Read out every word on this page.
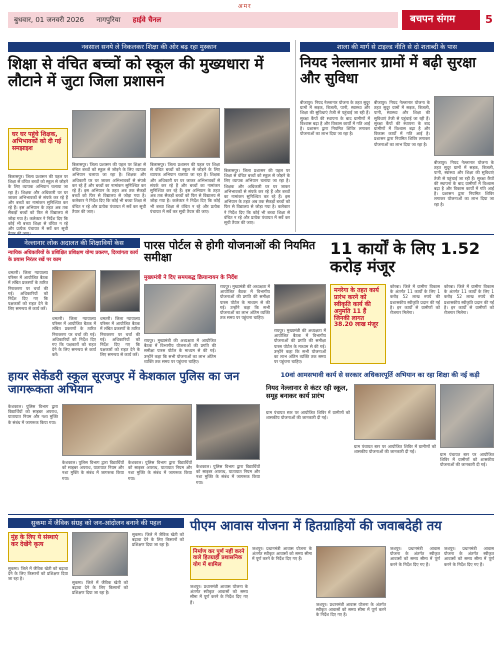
अमर
बुधवार, 01 जनवरी 2026 नागपुरिया हाईवे चैनल	बचपन संगम	5
नवसाल सनये ले निकलकर शिक्षा की ओर बढ़ रहा मुस्कान
शिक्षा से वंचित बच्चों को स्कूल की मुख्यधारा में लौटाने में जुटा जिला प्रशासन
घर घर पहुंचे शिक्षक, अभिभावकों को दी गई समझाइश
बिलासपुर। जिला प्रशासन की पहल पर शिक्षा से वंचित बच्चों को स्कूल से जोड़ने के लिए व्यापक अभियान चलाया जा रहा है। शिक्षक और अधिकारी घर घर जाकर अभिभावकों से संपर्क कर रहे हैं और बच्चों का नामांकन सुनिश्चित कर रहे हैं। इस अभियान के तहत अब तक सैकड़ों बच्चों को फिर से विद्यालय से जोड़ा गया है। कलेक्टर ने निर्देश दिए कि कोई भी बच्चा शिक्षा से वंचित न रहे और प्रत्येक पंचायत में सर्वे कर सूची
बिलासपुर। जिला प्रशासन की पहल पर शिक्षा से वंचित बच्चों को स्कूल से जोड़ने के लिए व्यापक अभियान चलाया जा रहा है। शिक्षक और अधिकारी घर घर जाकर अभिभावकों से संपर्क कर रहे हैं और बच्चों का नामांकन सुनिश्चित कर रहे हैं। इस अभियान के तहत अब तक सैकड़ों बच्चों को फिर से विद्यालय से जोड़ा गया है। कलेक्टर ने निर्देश दिए कि कोई भी बच्चा शिक्षा से वंचित न रहे और प्रत्येक पंचायत में सर्वे कर सूची तैयार की जाए।
बिलासपुर। जिला प्रशासन की पहल पर शिक्षा से वंचित बच्चों को स्कूल से जोड़ने के लिए व्यापक अभियान चलाया जा रहा है। शिक्षक और अधिकारी घर घर जाकर अभिभावकों से संपर्क कर रहे हैं और बच्चों का नामांकन सुनिश्चित कर रहे हैं। इस अभियान के तहत अब तक सैकड़ों बच्चों को फिर से विद्यालय से जोड़ा गया है। कलेक्टर ने निर्देश दिए कि कोई भी बच्चा शिक्षा से वंचित न रहे और प्रत्येक पंचायत में सर्वे कर सूची तैयार की जाए।
बिलासपुर। जिला प्रशासन की पहल पर शिक्षा से वंचित बच्चों को स्कूल से जोड़ने के लिए व्यापक अभियान चलाया जा रहा है। शिक्षक और अधिकारी घर घर जाकर अभिभावकों से संपर्क कर रहे हैं और बच्चों का नामांकन सुनिश्चित कर रहे हैं। इस अभियान के तहत अब तक सैकड़ों बच्चों को फिर से विद्यालय से जोड़ा गया है। कलेक्टर ने निर्देश दिए कि कोई भी बच्चा शिक्षा से वंचित न रहे और प्रत्येक पंचायत में सर्वे कर सूची तैयार की जाए।
शाला की मार्ग से टाइल्ड नीति से दो शताब्दी के पास
नियद नेल्लानार ग्रामों में बढ़ी सुरक्षा और सुविधा
बीजापुर। नियद नेल्लानार योजना के तहत सुदूर ग्रामों में सड़क, बिजली, पानी, स्वास्थ्य और शिक्षा की सुविधाएं तेजी से पहुंचाई जा रही हैं। सुरक्षा कैंपों की स्थापना के बाद ग्रामीणों में विश्वास बढ़ा है और विकास कार्यों में गति आई है। प्रशासन द्वारा नियमित शिविर लगाकर योजनाओं का लाभ दिया जा रहा है।
बीजापुर। नियद नेल्लानार योजना के तहत सुदूर ग्रामों में सड़क, बिजली, पानी, स्वास्थ्य और शिक्षा की सुविधाएं तेजी से पहुंचाई जा रही हैं। सुरक्षा कैंपों की स्थापना के बाद ग्रामीणों में विश्वास बढ़ा है और विकास कार्यों में गति आई है। प्रशासन द्वारा नियमित शिविर लगाकर योजनाओं का लाभ दिया जा रहा है।
बीजापुर। नियद नेल्लानार योजना के तहत सुदूर ग्रामों में सड़क, बिजली, पानी, स्वास्थ्य और शिक्षा की सुविधाएं तेजी से पहुंचाई जा रही हैं। सुरक्षा कैंपों की स्थापना के बाद ग्रामीणों में विश्वास बढ़ा है और विकास कार्यों में गति आई है। प्रशासन द्वारा नियमित शिविर लगाकर योजनाओं का लाभ दिया जा रहा है।
नेल्लानार लोक अदालत की शिक्षावियों केस
न्यायिक अधिकारियों के प्रशिक्षित प्रशिक्षण योग्य प्रकरण, दिव्यांगता कार्य के प्रयास निरंतर रखें पर काम
धमतरी। जिला न्यायालय परिसर में आयोजित बैठक में लंबित प्रकरणों के त्वरित निराकरण पर चर्चा की गई। अधिकारियों को निर्देश दिए गए कि पक्षकारों को राहत देने के लिए समन्वय से कार्य करें।
धमतरी। जिला न्यायालय परिसर में आयोजित बैठक में लंबित प्रकरणों के त्वरित निराकरण पर चर्चा की गई। अधिकारियों को निर्देश दिए गए कि पक्षकारों को राहत देने के लिए समन्वय से कार्य करें।
धमतरी। जिला न्यायालय परिसर में आयोजित बैठक में लंबित प्रकरणों के त्वरित निराकरण पर चर्चा की गई। अधिकारियों को निर्देश दिए गए कि पक्षकारों को राहत देने के लिए समन्वय से कार्य करें।
पारस पोर्टल से होगी योजनाओं की नियमित समीक्षा
मुख्यमंत्री ने दिए समयबद्ध क्रियान्वयन के निर्देश
रायपुर। मुख्यमंत्री की अध्यक्षता में आयोजित बैठक में विभागीय योजनाओं की प्रगति की समीक्षा पारस पोर्टल के माध्यम से की गई। उन्होंने कहा कि सभी योजनाओं का लाभ अंतिम व्यक्ति तक समय पर पहुंचना चाहिए।
रायपुर। मुख्यमंत्री की अध्यक्षता में आयोजित बैठक में विभागीय योजनाओं की प्रगति की समीक्षा पारस पोर्टल के माध्यम से की गई। उन्होंने कहा कि सभी योजनाओं का लाभ अंतिम व्यक्ति तक समय पर पहुंचना चाहिए।
रायपुर। मुख्यमंत्री की अध्यक्षता में आयोजित बैठक में विभागीय योजनाओं की प्रगति की समीक्षा पारस पोर्टल के माध्यम से की गई। उन्होंने कहा कि सभी योजनाओं का लाभ अंतिम व्यक्ति तक समय पर पहुंचना चाहिए।
11 कार्यों के लिए 1.52 करोड़ मंजूर
मनरेगा के तहत कार्य प्रारंभ करने को स्वीकृति कार्य की अनुमति 11 हैं जिनकी लागत 38.20 लाख मंजूर
कोरबा। जिले में ग्रामीण विकास के अंतर्गत 11 कार्यों के लिए 1 करोड़ 52 लाख रुपये की प्रशासकीय स्वीकृति प्रदान की गई है। इन कार्यों से ग्रामीणों को रोजगार मिलेगा।
कोरबा। जिले में ग्रामीण विकास के अंतर्गत 11 कार्यों के लिए 1 करोड़ 52 लाख रुपये की प्रशासकीय स्वीकृति प्रदान की गई है। इन कार्यों से ग्रामीणों को रोजगार मिलेगा।
10वां आमसभावी कार्य से सरकार अधिकारपूर्ति अभियान का रहा शिक्षा की नई कड़ी
नियद नेल्लानार से कंटर रही स्कूल, समूह बनाकर कार्य प्रारंभ
ग्राम पंचायत स्तर पर आयोजित शिविर में ग्रामीणों को शासकीय योजनाओं की जानकारी दी गई।
ग्राम पंचायत स्तर पर आयोजित शिविर में ग्रामीणों को शासकीय योजनाओं की जानकारी दी गई।
ग्राम पंचायत स्तर पर आयोजित शिविर में ग्रामीणों को शासकीय योजनाओं की जानकारी दी गई।
हायर सेकेंडरी स्कूल सूरजपुर में केशकाल पुलिस का जन जागरूकता अभियान
केशकाल। पुलिस विभाग द्वारा विद्यार्थियों को साइबर अपराध, यातायात नियम और नशा मुक्ति के संबंध में जागरूक किया गया।
केशकाल। पुलिस विभाग द्वारा विद्यार्थियों को साइबर अपराध, यातायात नियम और नशा मुक्ति के संबंध में जागरूक किया गया।
केशकाल। पुलिस विभाग द्वारा विद्यार्थियों को साइबर अपराध, यातायात नियम और नशा मुक्ति के संबंध में जागरूक किया गया।
केशकाल। पुलिस विभाग द्वारा विद्यार्थियों को साइबर अपराध, यातायात नियम और नशा मुक्ति के संबंध में जागरूक किया गया।
सुकमा में जैविक संग्रह को जन-आंदोलन बनाने की पहल
मुंह के लिए ये संस्थाएं कर देखेंगे कृत्य
सुकमा। जिले में जैविक खेती को बढ़ावा देने के लिए किसानों को प्रशिक्षण दिया जा रहा है।
सुकमा। जिले में जैविक खेती को बढ़ावा देने के लिए किसानों को प्रशिक्षण दिया जा रहा है।
सुकमा। जिले में जैविक खेती को बढ़ावा देने के लिए किसानों को प्रशिक्षण दिया जा रहा है।
पीएम आवास योजना में हितग्राहियों की जवाबदेही तय
निर्माण कर पूर्ण नहीं करने वाले हितग्राही प्रशासनिक योग में शामिल
जशपुर। प्रधानमंत्री आवास योजना के अंतर्गत स्वीकृत आवासों को समय सीमा में पूर्ण करने के निर्देश दिए गए हैं।
जशपुर। प्रधानमंत्री आवास योजना के अंतर्गत स्वीकृत आवासों को समय सीमा में पूर्ण करने के निर्देश दिए गए हैं।
जशपुर। प्रधानमंत्री आवास योजना के अंतर्गत स्वीकृत आवासों को समय सीमा में पूर्ण करने के निर्देश दिए गए हैं।
जशपुर। प्रधानमंत्री आवास योजना के अंतर्गत स्वीकृत आवासों को समय सीमा में पूर्ण करने के निर्देश दिए गए हैं।
जशपुर। प्रधानमंत्री आवास योजना के अंतर्गत स्वीकृत आवासों को समय सीमा में पूर्ण करने के निर्देश दिए गए हैं।
